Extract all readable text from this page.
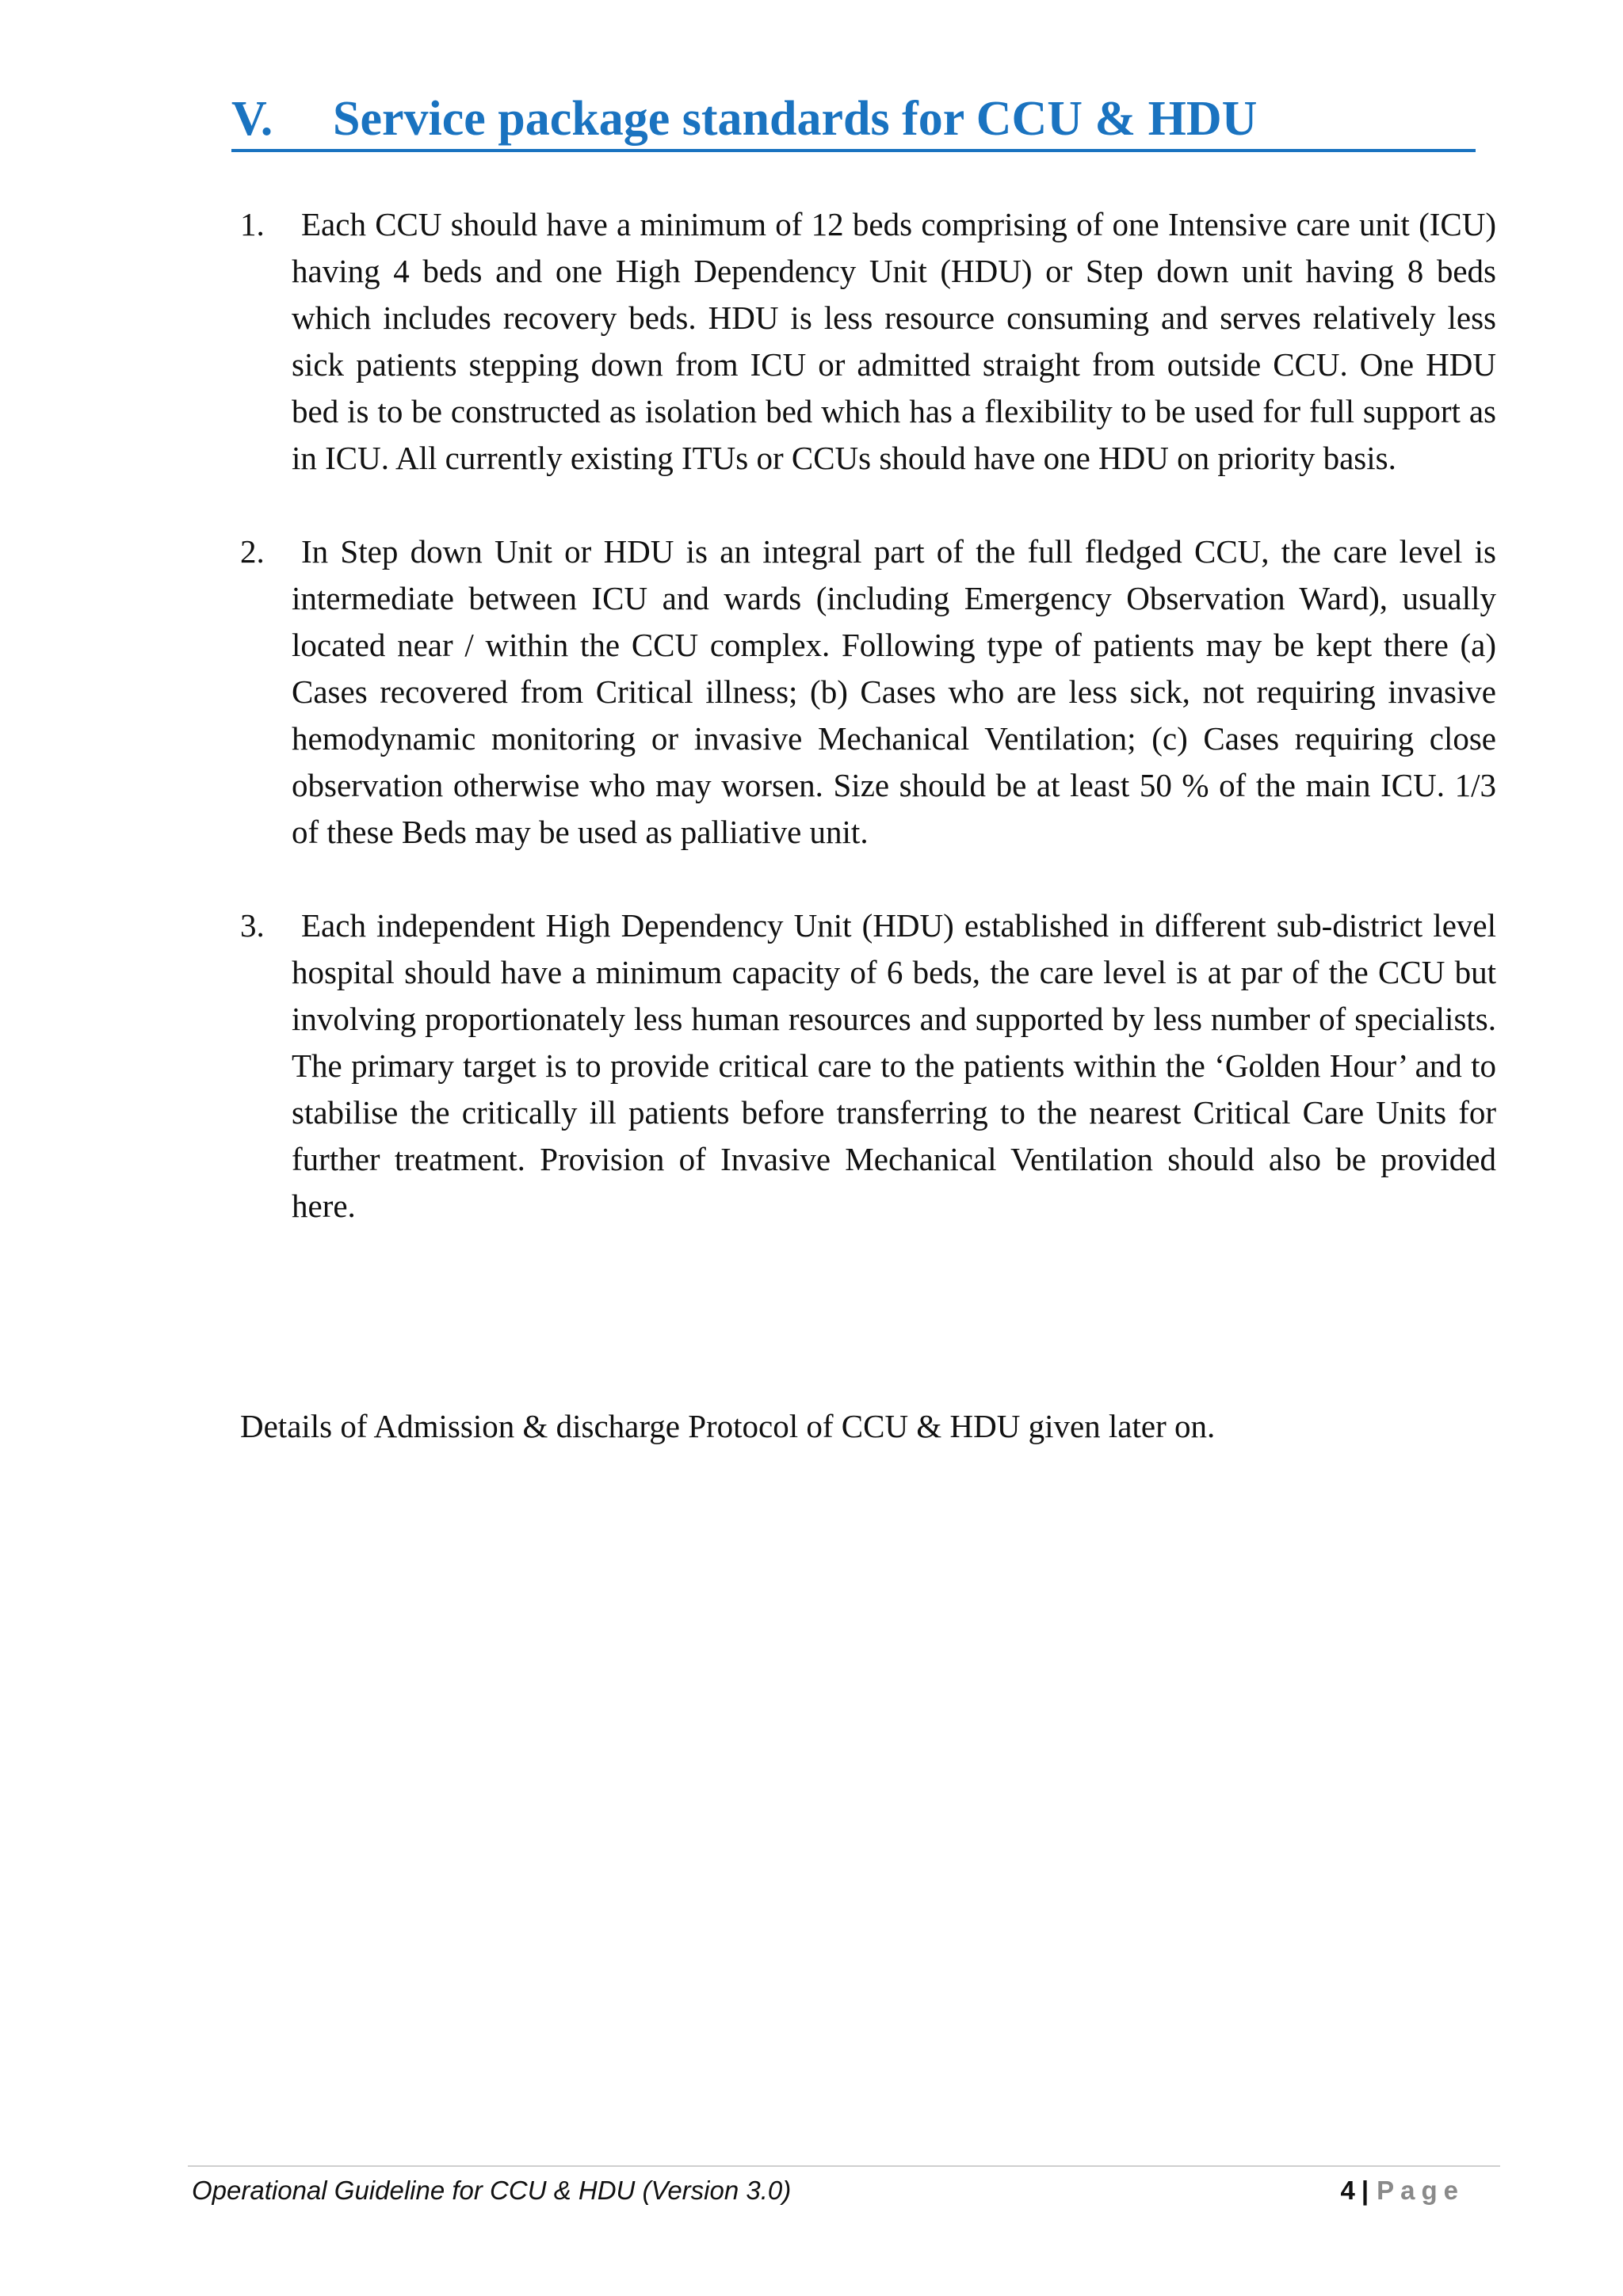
V. Service package standards for CCU & HDU
1. Each CCU should have a minimum of 12 beds comprising of one Intensive care unit (ICU) having 4 beds and one High Dependency Unit (HDU) or Step down unit having 8 beds which includes recovery beds. HDU is less resource consuming and serves relatively less sick patients stepping down from ICU or admitted straight from outside CCU. One HDU bed is to be constructed as isolation bed which has a flexibility to be used for full support as in ICU. All currently existing ITUs or CCUs should have one HDU on priority basis.
2. In Step down Unit or HDU is an integral part of the full fledged CCU, the care level is intermediate between ICU and wards (including Emergency Observation Ward), usually located near / within the CCU complex. Following type of patients may be kept there (a) Cases recovered from Critical illness; (b) Cases who are less sick, not requiring invasive hemodynamic monitoring or invasive Mechanical Ventilation; (c) Cases requiring close observation otherwise who may worsen. Size should be at least 50 % of the main ICU. 1/3 of these Beds may be used as palliative unit.
3. Each independent High Dependency Unit (HDU) established in different sub-district level hospital should have a minimum capacity of 6 beds, the care level is at par of the CCU but involving proportionately less human resources and supported by less number of specialists. The primary target is to provide critical care to the patients within the ‘Golden Hour’ and to stabilise the critically ill patients before transferring to the nearest Critical Care Units for further treatment. Provision of Invasive Mechanical Ventilation should also be provided here.

Details of Admission & discharge Protocol of CCU & HDU given later on.

Operational Guideline for CCU & HDU (Version 3.0)	4 | Page
